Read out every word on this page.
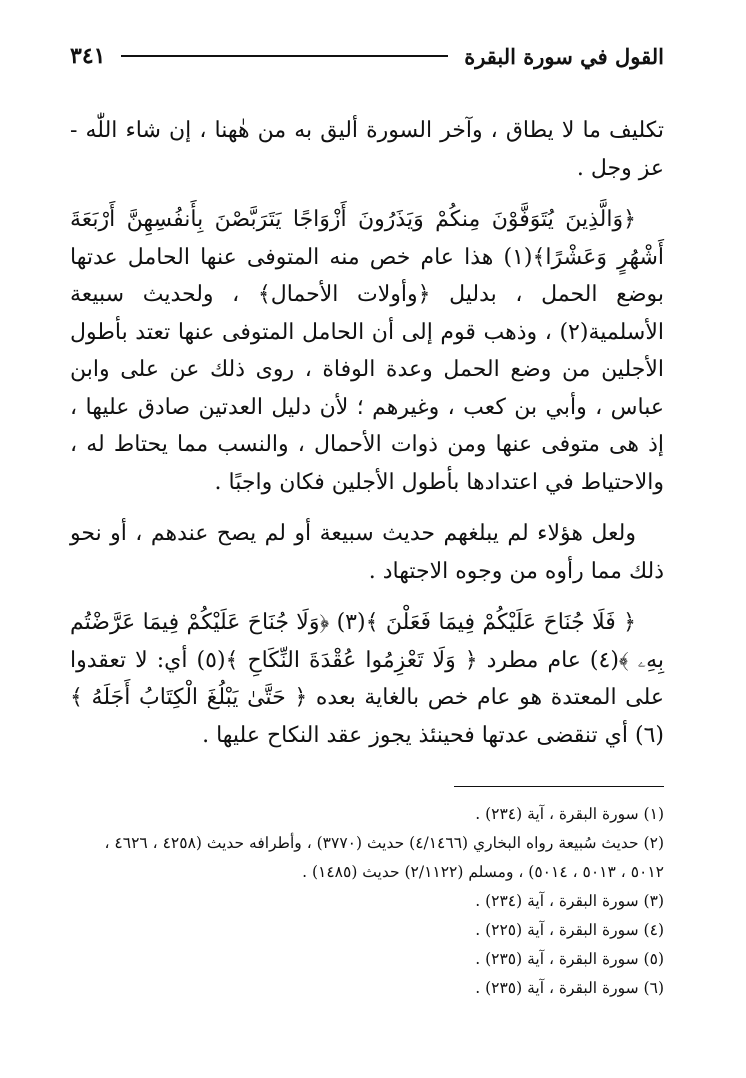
القول في سورة البقرة
٣٤١

تكليف ما لا يطاق ، وآخر السورة أليق به من هٰهنا ، إن شاء اللّٰه - عز وجل .

﴿وَالَّذِينَ يُتَوَفَّوْنَ مِنكُمْ وَيَذَرُونَ أَزْوَاجًا يَتَرَبَّصْنَ بِأَنفُسِهِنَّ أَرْبَعَةَ أَشْهُرٍ وَعَشْرًا﴾(١) هذا عام خص منه المتوفى عنها الحامل عدتها بوضع الحمل ، بدليل ﴿وأولات الأحمال﴾ ، ولحديث سبيعة الأسلمية(٢) ، وذهب قوم إلى أن الحامل المتوفى عنها تعتد بأطول الأجلين من وضع الحمل وعدة الوفاة ، روى ذلك عن على وابن عباس ، وأبي بن كعب ، وغيرهم ؛ لأن دليل العدتين صادق عليها ، إذ هى متوفى عنها ومن ذوات الأحمال ، والنسب مما يحتاط له ، والاحتياط في اعتدادها بأطول الأجلين فكان واجبًا .

ولعل هؤلاء لم يبلغهم حديث سبيعة أو لم يصح عندهم ، أو نحو ذلك مما رأوه من وجوه الاجتهاد .

﴿ فَلَا جُنَاحَ عَلَيْكُمْ فِيمَا فَعَلْنَ ﴾(٣) ﴿وَلَا جُنَاحَ عَلَيْكُمْ فِيمَا عَرَّضْتُم بِهِۦ ﴾(٤) عام مطرد ﴿ وَلَا تَعْزِمُوا عُقْدَةَ النِّكَاحِ ﴾(٥) أي: لا تعقدوا على المعتدة هو عام خص بالغاية بعده ﴿ حَتَّىٰ يَبْلُغَ الْكِتَابُ أَجَلَهُ ﴾(٦) أي تنقضى عدتها فحينئذ يجوز عقد النكاح عليها .

(١) سورة البقرة ، آية (٢٣٤) .

(٢) حديث سُبيعة رواه البخاري (٤/١٤٦٦) حديث (٣٧٧٠) ، وأطرافه حديث (٤٢٥٨ ، ٤٦٢٦ ، ٥٠١٢ ، ٥٠١٣ ، ٥٠١٤) ، ومسلم (٢/١١٢٢) حديث (١٤٨٥) .

(٣) سورة البقرة ، آية (٢٣٤) .

(٤) سورة البقرة ، آية (٢٢٥) .

(٥) سورة البقرة ، آية (٢٣٥) .

(٦) سورة البقرة ، آية (٢٣٥) .
